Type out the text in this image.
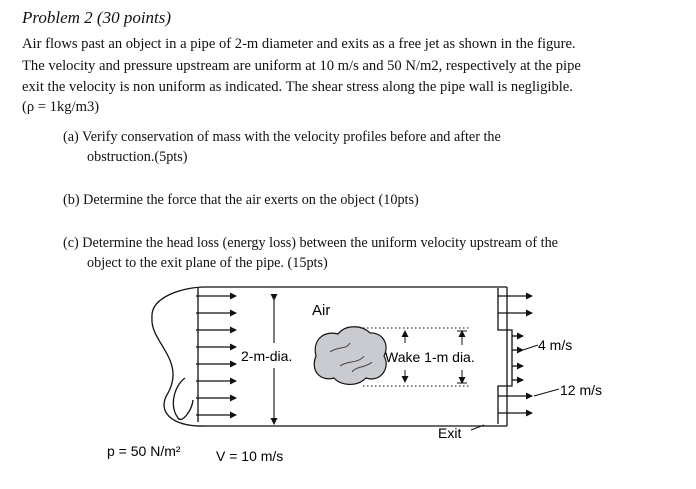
Problem 2 (30 points)
Air flows past an object in a pipe of 2-m diameter and exits as a free jet as shown in the figure.
The velocity and pressure upstream are uniform at 10 m/s and 50 N/m2, respectively at the pipe
exit the velocity is non uniform as indicated. The shear stress along the pipe wall is negligible.
(ρ = 1kg/m3)
(a) Verify conservation of mass with the velocity profiles before and after the
obstruction.(5pts)
(b) Determine the force that the air exerts on the object (10pts)
(c) Determine the head loss (energy loss) between the uniform velocity upstream of the
object to the exit plane of the pipe. (15pts)
2-m-dia.
Air
Wake 1-m dia.
4 m/s
12 m/s
Exit
p = 50 N/m²	V = 10 m/s
